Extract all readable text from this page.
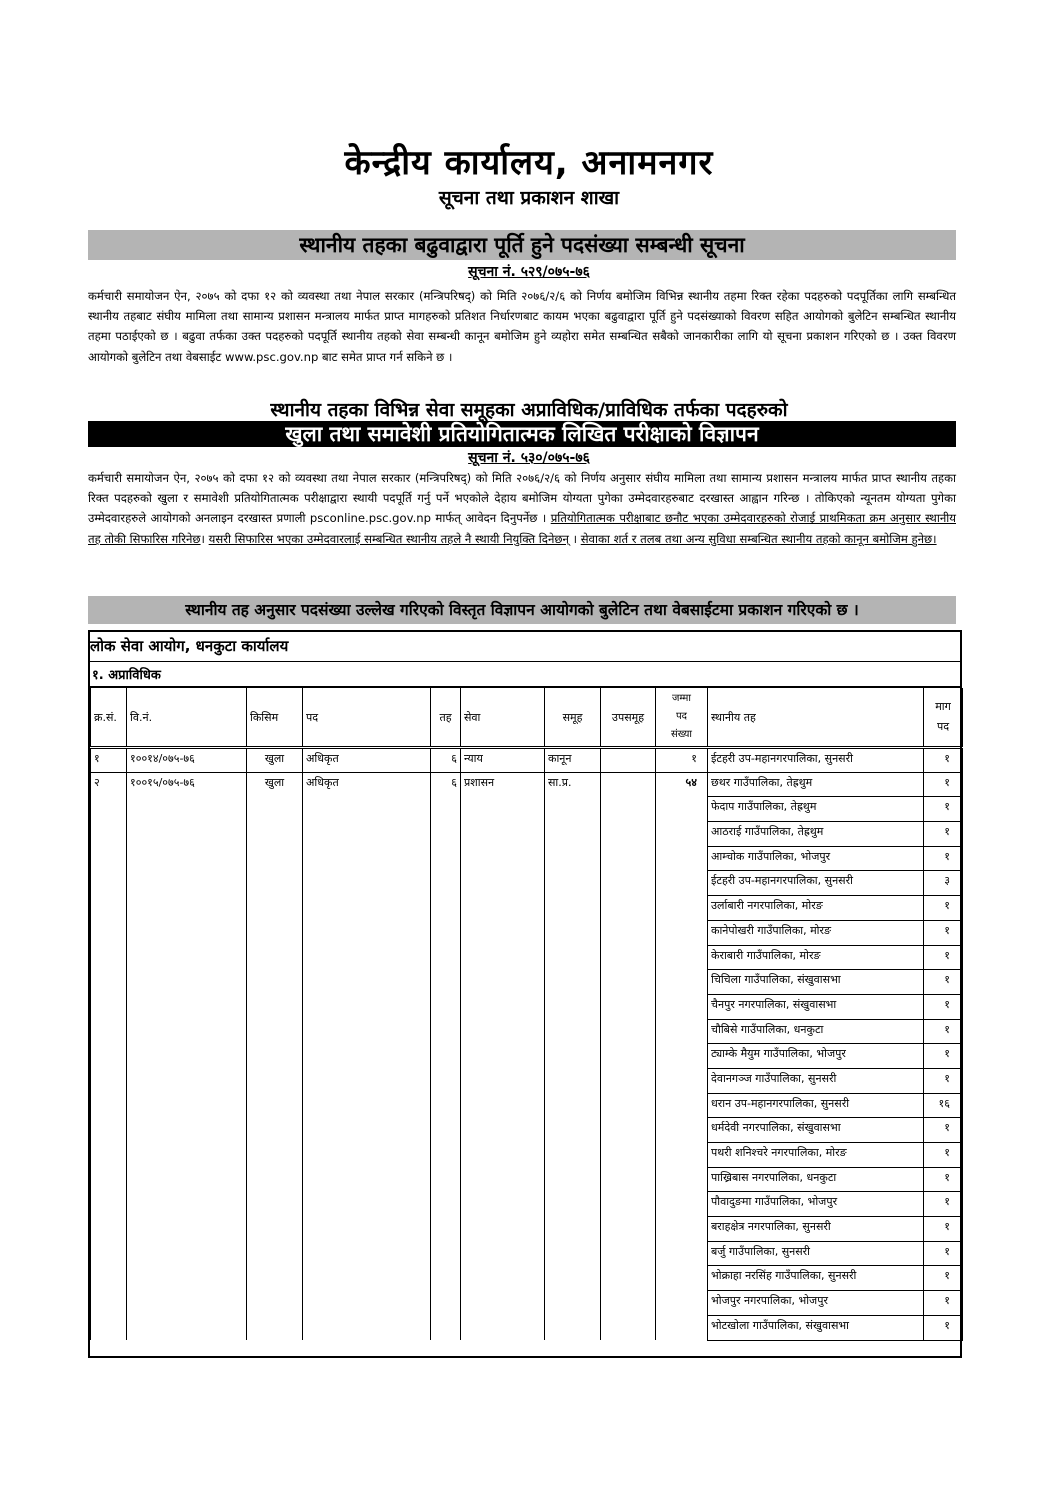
केन्द्रीय कार्यालय, अनामनगर
सूचना तथा प्रकाशन शाखा
स्थानीय तहका बढुवाद्वारा पूर्ति हुने पदसंख्या सम्बन्धी सूचना
सूचना नं. ५२९/०७५-७६
कर्मचारी समायोजन ऐन, २०७५ को दफा १२ को व्यवस्था तथा नेपाल सरकार (मन्त्रिपरिषद्) को मिति २०७६/२/६ को निर्णय बमोजिम विभिन्न स्थानीय तहमा रिक्त रहेका पदहरुको पदपूर्तिका लागि सम्बन्धित स्थानीय तहबाट संघीय मामिला तथा सामान्य प्रशासन मन्त्रालय मार्फत प्राप्त मागहरुको प्रतिशत निर्धारणबाट कायम भएका बढुवाद्वारा पूर्ति हुने पदसंख्याको विवरण सहित आयोगको बुलेटिन सम्बन्धित स्थानीय तहमा पठाईएको छ । बढुवा तर्फका उक्त पदहरुको पदपूर्ति स्थानीय तहको सेवा सम्बन्धी कानून बमोजिम हुने व्यहोरा समेत सम्बन्धित सबैको जानकारीका लागि यो सूचना प्रकाशन गरिएको छ । उक्त विवरण आयोगको बुलेटिन तथा वेबसाईट www.psc.gov.np बाट समेत प्राप्त गर्न सकिने छ ।
स्थानीय तहका विभिन्न सेवा समूहका अप्राविधिक/प्राविधिक तर्फका पदहरुको
खुला तथा समावेशी प्रतियोगितात्मक लिखित परीक्षाको विज्ञापन
सूचना नं. ५३०/०७५-७६
कर्मचारी समायोजन ऐन, २०७५ को दफा १२ को व्यवस्था तथा नेपाल सरकार (मन्त्रिपरिषद्) को मिति २०७६/२/६ को निर्णय अनुसार संघीय मामिला तथा सामान्य प्रशासन मन्त्रालय मार्फत प्राप्त स्थानीय तहका रिक्त पदहरुको खुला र समावेशी प्रतियोगितात्मक परीक्षाद्वारा स्थायी पदपूर्ति गर्नु पर्ने भएकोले देहाय बमोजिम योग्यता पुगेका उम्मेदवारहरुबाट दरखास्त आह्वान गरिन्छ । तोकिएको न्यूनतम योग्यता पुगेका उम्मेदवारहरुले आयोगको अनलाइन दरखास्त प्रणाली psconline.psc.gov.np मार्फत् आवेदन दिनुपर्नेछ । प्रतियोगितात्मक परीक्षाबाट छनौट भएका उम्मेदवारहरुको रोजाई प्राथमिकता क्रम अनुसार स्थानीय तह तोकी सिफारिस गरिनेछ। यसरी सिफारिस भएका उम्मेदवारलाई सम्बन्धित स्थानीय तहले नै स्थायी नियुक्ति दिनेछन् । सेवाका शर्त र तलब तथा अन्य सुविधा सम्बन्धित स्थानीय तहको कानून बमोजिम हुनेछ।
स्थानीय तह अनुसार पदसंख्या उल्लेख गरिएको विस्तृत विज्ञापन आयोगको बुलेटिन तथा वेबसाईटमा प्रकाशन गरिएको छ ।
लोक सेवा आयोग, धनकुटा कार्यालय
१. अप्राविधिक
क्र.सं.	वि.नं.	किसिम	पद	तह	सेवा	समूह	उपसमूह	जम्मा
पद
संख्या	स्थानीय तह	माग
पद

१	१००१४/०७५-७६	खुला	अधिकृत	६	न्याय	कानून		१	ईटहरी उप-महानगरपालिका, सुनसरी	१
२	१००१५/०७५-७६	खुला	अधिकृत	६	प्रशासन	सा.प्र.		५४	छथर गाउँपालिका, तेह्रथुम	१
									फेदाप गाउँपालिका, तेह्रथुम	१
									आठराई गाउँपालिका, तेह्रथुम	१
									आम्चोक गाउँपालिका, भोजपुर	१
									ईटहरी उप-महानगरपालिका, सुनसरी	३
									उर्लाबारी नगरपालिका, मोरङ	१
									कानेपोखरी गाउँपालिका, मोरङ	१
									केराबारी गाउँपालिका, मोरङ	१
									चिचिला गाउँपालिका, संखुवासभा	१
									चैनपुर नगरपालिका, संखुवासभा	१
									चौबिसे गाउँपालिका, धनकुटा	१
									ट्याम्के मैयुम गाउँपालिका, भोजपुर	१
									देवानगञ्ज गाउँपालिका, सुनसरी	१
									धरान उप-महानगरपालिका, सुनसरी	१६
									धर्मदेवी नगरपालिका, संखुवासभा	१
									पथरी शनिश्चरे नगरपालिका, मोरङ	१
									पाख्रिबास नगरपालिका, धनकुटा	१
									पौवादुङमा गाउँपालिका, भोजपुर	१
									बराहक्षेत्र नगरपालिका, सुनसरी	१
									बर्जु गाउँपालिका, सुनसरी	१
									भोक्राहा नरसिंह गाउँपालिका, सुनसरी	१
									भोजपुर नगरपालिका, भोजपुर	१
									भोटखोला गाउँपालिका, संखुवासभा	१
